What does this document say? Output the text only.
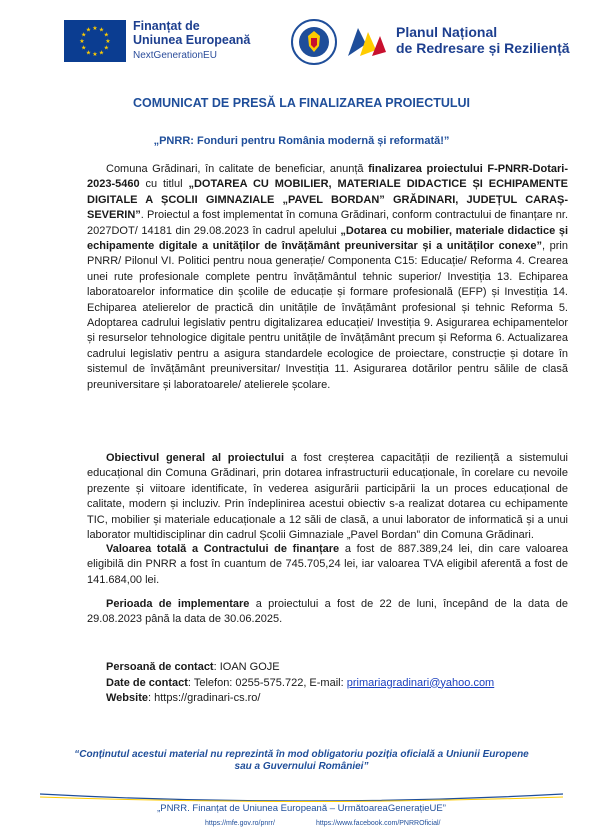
★ ★
★
★
★
★
★
★
★
★
★
★	Finanțat de
Uniunea Europeană
NextGenerationEU
Planul Național
de Redresare și Reziliență
COMUNICAT DE PRESĂ LA FINALIZAREA PROIECTULUI
„PNRR: Fonduri pentru România modernă și reformată!”
Comuna Grădinari, în calitate de beneficiar, anunță finalizarea proiectului F-PNRR-Dotari-2023-5460 cu titlul „DOTAREA CU MOBILIER, MATERIALE DIDACTICE ȘI ECHIPAMENTE DIGITALE A ȘCOLII GIMNAZIALE „PAVEL BORDAN” GRĂDINARI, JUDEȚUL CARAȘ-SEVERIN”. Proiectul a fost implementat în comuna Grădinari, conform contractului de finanțare nr. 2027DOT/ 14181 din 29.08.2023 în cadrul apelului „Dotarea cu mobilier, materiale didactice și echipamente digitale a unităților de învățământ preuniversitar și a unităților conexe”, prin PNRR/ Pilonul VI. Politici pentru noua generație/ Componenta C15: Educație/ Reforma 4. Crearea unei rute profesionale complete pentru învățământul tehnic superior/ Investiția 13. Echiparea laboratoarelor informatice din școlile de educație și formare profesională (EFP) și Investiția 14. Echiparea atelierelor de practică din unitățile de învățământ profesional și tehnic Reforma 5. Adoptarea cadrului legislativ pentru digitalizarea educației/ Investiția 9. Asigurarea echipamentelor și resurselor tehnologice digitale pentru unitățile de învățământ precum și Reforma 6. Actualizarea cadrului legislativ pentru a asigura standardele ecologice de proiectare, construcție și dotare în sistemul de învățământ preuniversitar/ Investiția 11. Asigurarea dotărilor pentru sălile de clasă preuniversitare și laboratoarele/ atelierele școlare.
Obiectivul general al proiectului a fost creșterea capacității de reziliență a sistemului educațional din Comuna Grădinari, prin dotarea infrastructurii educaționale, în corelare cu nevoile prezente și viitoare identificate, în vederea asigurării participării la un proces educațional de calitate, modern și incluziv. Prin îndeplinirea acestui obiectiv s-a realizat dotarea cu echipamente TIC, mobilier și materiale educaționale a 12 săli de clasă, a unui laborator de informatică și a unui laborator multidisciplinar din cadrul Școlii Gimnaziale „Pavel Bordan” din Comuna Grădinari.
Valoarea totală a Contractului de finanțare a fost de 887.389,24 lei, din care valoarea eligibilă din PNRR a fost în cuantum de 745.705,24 lei, iar valoarea TVA eligibil aferentă a fost de 141.684,00 lei.
Perioada de implementare a proiectului a fost de 22 de luni, începând de la data de 29.08.2023 până la data de 30.06.2025.
Persoană de contact: IOAN GOJE
Date de contact: Telefon: 0255-575.722, E-mail: primariagradinari@yahoo.com
Website: https://gradinari-cs.ro/
“Conținutul acestui material nu reprezintă în mod obligatoriu poziția oficială a Uniunii Europene
sau a Guvernului României”
„PNRR. Finanțat de Uniunea Europeană – UrmătoareaGenerațieUE”
https://mfe.gov.ro/pnrr/	https://www.facebook.com/PNRROficial/
